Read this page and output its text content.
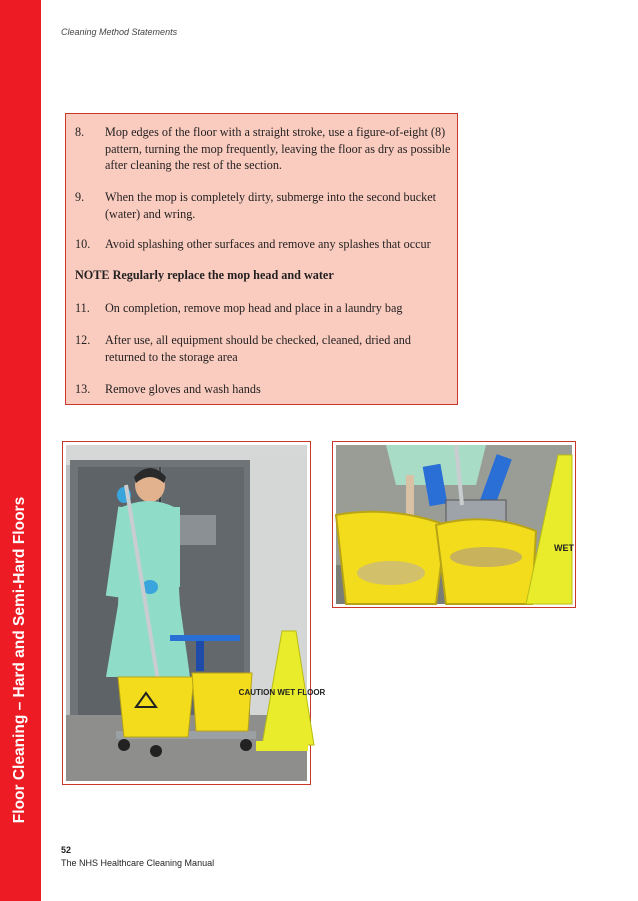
Floor Cleaning – Hard and Semi-Hard Floors
Cleaning Method Statements
8. Mop edges of the floor with a straight stroke, use a figure-of-eight (8) pattern, turning the mop frequently, leaving the floor as dry as possible after cleaning the rest of the section.
9. When the mop is completely dirty, submerge into the second bucket (water) and wring.
10. Avoid splashing other surfaces and remove any splashes that occur
NOTE Regularly replace the mop head and water
11. On completion, remove mop head and place in a laundry bag
12. After use, all equipment should be checked, cleaned, dried and returned to the storage area
13. Remove gloves and wash hands
CAUTION WET FLOOR
WET
52
The NHS Healthcare Cleaning Manual
